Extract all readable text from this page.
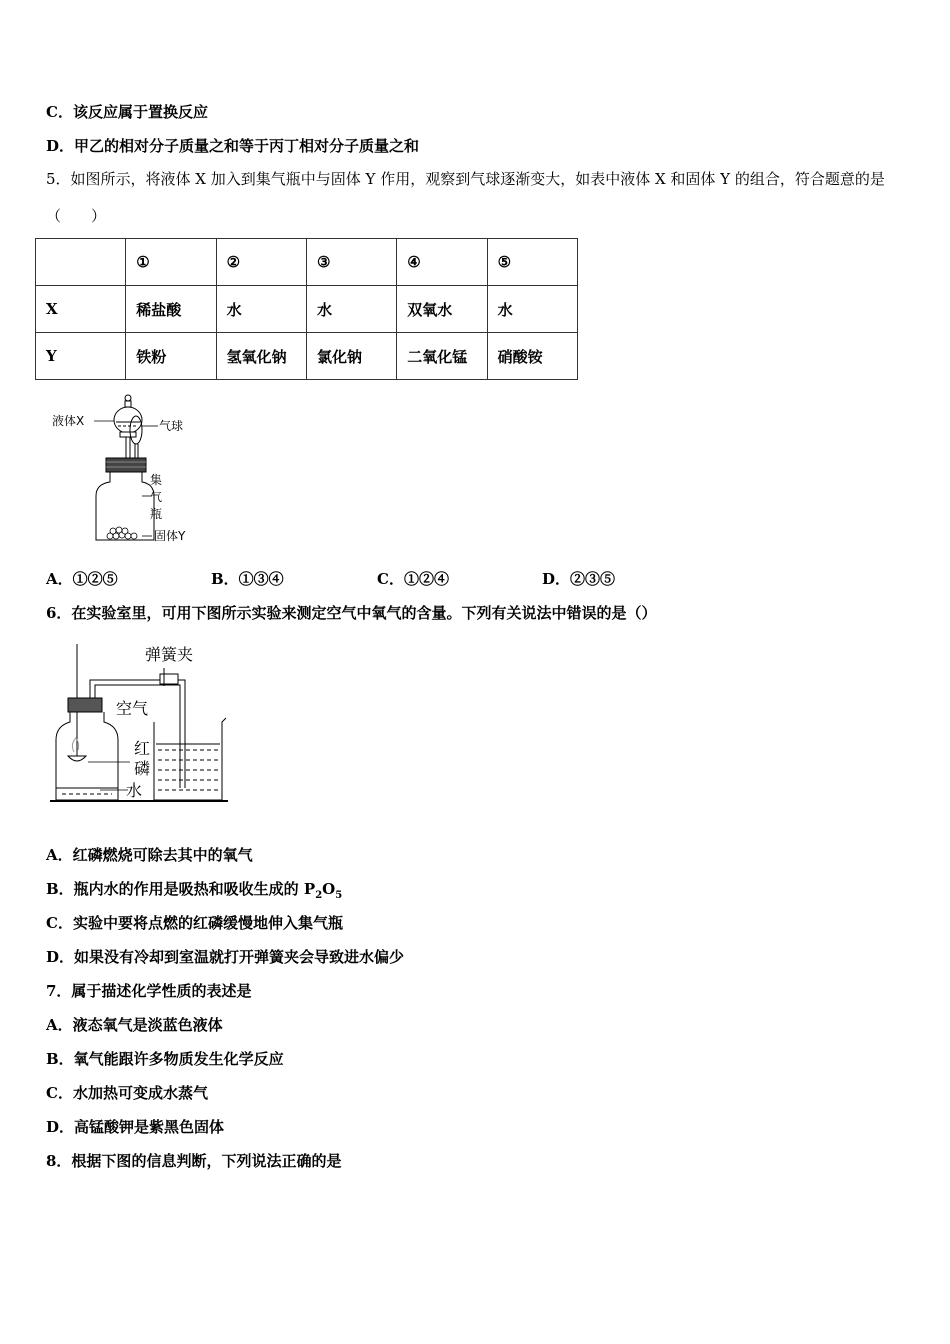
C．该反应属于置换反应
D．甲乙的相对分子质量之和等于丙丁相对分子质量之和
5．如图所示，将液体 X 加入到集气瓶中与固体 Y 作用，观察到气球逐渐变大，如表中液体 X 和固体 Y 的组合，符合题意的是（　　）
	①	②	③	④	⑤
X	稀盐酸	水	水	双氧水	水
Y	铁粉	氢氧化钠	氯化钠	二氧化锰	硝酸铵
液体X	气球
集
气
瓶
固体Y
A．①②⑤	B．①③④	C．①②④	D．②③⑤
6．在实验室里，可用下图所示实验来测定空气中氧气的含量。下列有关说法中错误的是（）
弹簧夹
空气
红
磷
水
A．红磷燃烧可除去其中的氧气
B．瓶内水的作用是吸热和吸收生成的 $P_2O_5$
C．实验中要将点燃的红磷缓慢地伸入集气瓶
D．如果没有冷却到室温就打开弹簧夹会导致进水偏少
7．属于描述化学性质的表述是
A．液态氧气是淡蓝色液体
B．氧气能跟许多物质发生化学反应
C．水加热可变成水蒸气
D．高锰酸钾是紫黑色固体
8．根据下图的信息判断，下列说法正确的是
